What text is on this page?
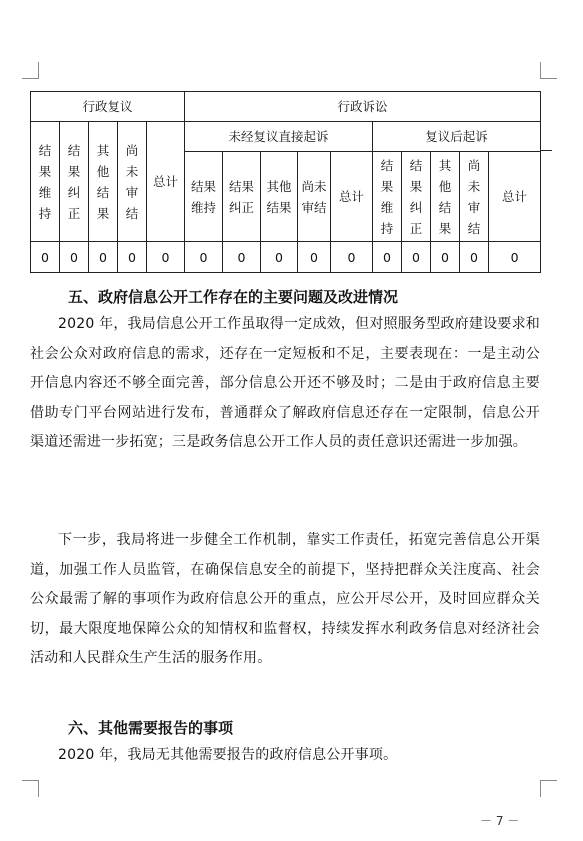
行政复议					行政诉讼									
结果维持	结果纠正	其他结果	尚未审结	总计	未经复议直接起诉					复议后起诉				
					结果维持	结果纠正	其他结果	尚未审结	总计	结果维持	结果纠正	其他结果	尚未审结	总计
0	0	0	0	0	0	0	0	0	0	0	0	0	0	0
五、政府信息公开工作存在的主要问题及改进情况
2020 年，我局信息公开工作虽取得一定成效，但对照服务型政府建设要求和社会公众对政府信息的需求，还存在一定短板和不足，主要表现在：一是主动公开信息内容还不够全面完善，部分信息公开还不够及时；二是由于政府信息主要借助专门平台网站进行发布，普通群众了解政府信息还存在一定限制，信息公开渠道还需进一步拓宽；三是政务信息公开工作人员的责任意识还需进一步加强。
下一步，我局将进一步健全工作机制，靠实工作责任，拓宽完善信息公开渠道，加强工作人员监管，在确保信息安全的前提下，坚持把群众关注度高、社会公众最需了解的事项作为政府信息公开的重点，应公开尽公开，及时回应群众关切，最大限度地保障公众的知情权和监督权，持续发挥水利政务信息对经济社会活动和人民群众生产生活的服务作用。
六、其他需要报告的事项
2020 年，我局无其他需要报告的政府信息公开事项。
－ 7 －
